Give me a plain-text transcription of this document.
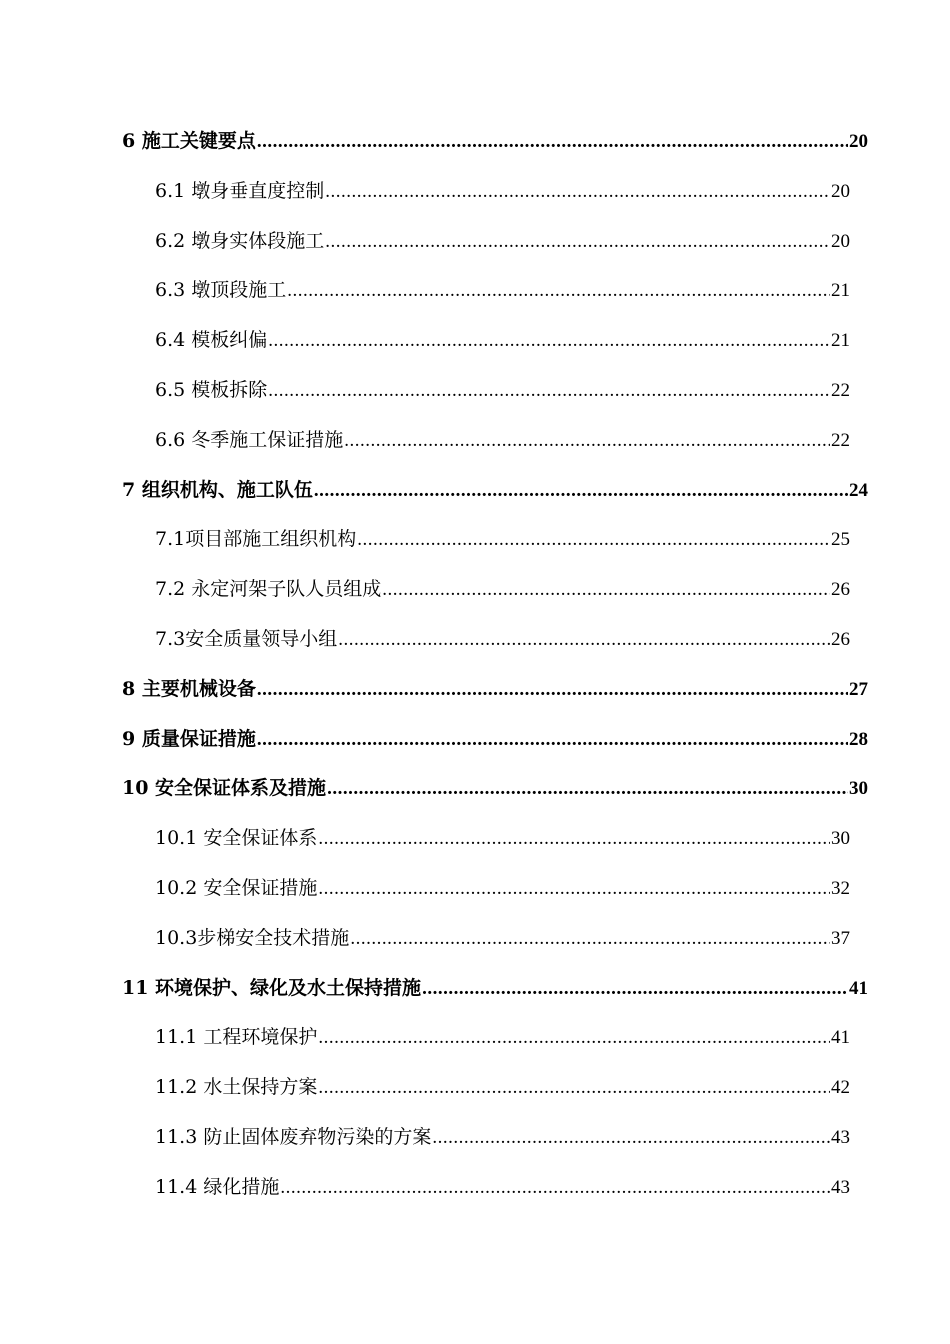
6 施工关键要点 .....	20
6.1 墩身垂直度控制 .....	20
6.2 墩身实体段施工 .....	20
6.3 墩顶段施工 .....	21
6.4 模板纠偏 .....	21
6.5 模板拆除 .....	22
6.6 冬季施工保证措施 .....	22
7 组织机构、施工队伍 .....	24
7.1项目部施工组织机构 .....	25
7.2 永定河架子队人员组成 .....	26
7.3安全质量领导小组 .....	26
8 主要机械设备 .....	27
9 质量保证措施 .....	28
10 安全保证体系及措施 .....	30
10.1 安全保证体系 .....	30
10.2 安全保证措施 .....	32
10.3步梯安全技术措施 .....	37
11 环境保护、绿化及水土保持措施 .....	41
11.1 工程环境保护 .....	41
11.2 水土保持方案 .....	42
11.3 防止固体废弃物污染的方案 .....	43
11.4 绿化措施 .....	43
